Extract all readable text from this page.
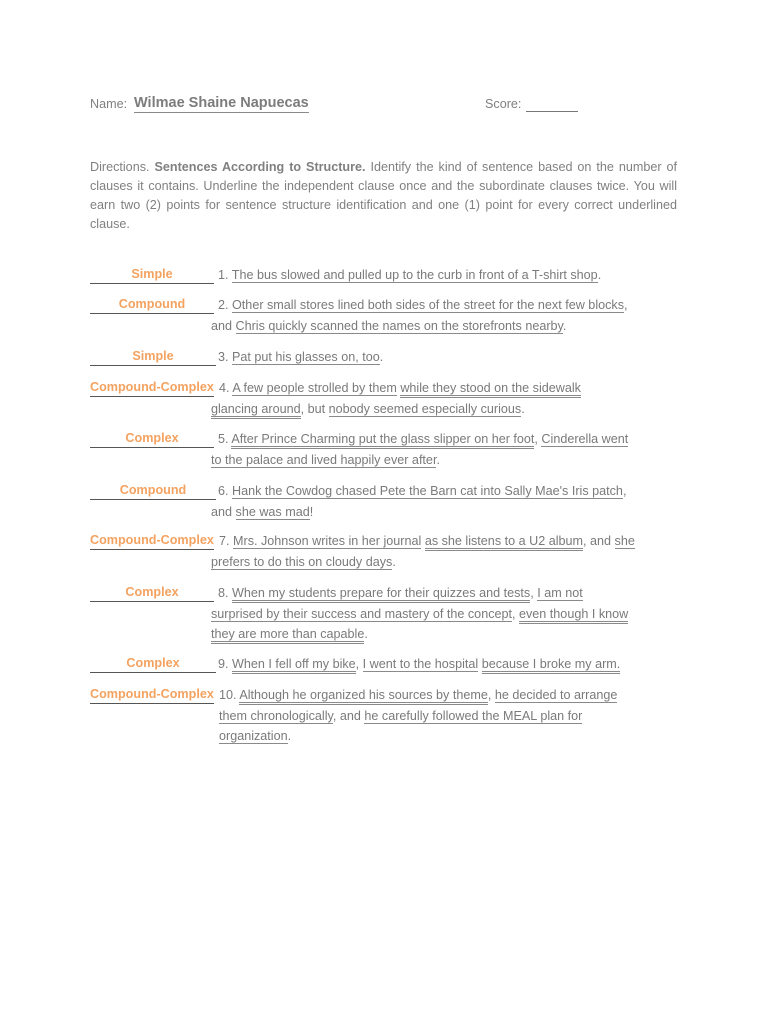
Name: Wilmae Shaine Napuecas	Score:
Directions. Sentences According to Structure. Identify the kind of sentence based on the number of clauses it contains. Underline the independent clause once and the subordinate clauses twice. You will earn two (2) points for sentence structure identification and one (1) point for every correct underlined clause.
Simple	1. The bus slowed and pulled up to the curb in front of a T-shirt shop.
Compound	2. Other small stores lined both sides of the street for the next few blocks,
and Chris quickly scanned the names on the storefronts nearby.
Simple	3. Pat put his glasses on, too.
Compound-Complex 4. A few people strolled by them while they stood on the sidewalk
glancing around, but nobody seemed especially curious.
Complex	5. After Prince Charming put the glass slipper on her foot, Cinderella went
to the palace and lived happily ever after.
Compound	6. Hank the Cowdog chased Pete the Barn cat into Sally Mae's Iris patch,
and she was mad!
Compound-Complex 7. Mrs. Johnson writes in her journal as she listens to a U2 album, and she
prefers to do this on cloudy days.
Complex	8. When my students prepare for their quizzes and tests, I am not
surprised by their success and mastery of the concept, even though I know
they are more than capable.
Complex	9. When I fell off my bike, I went to the hospital because I broke my arm.
Compound-Complex 10. Although he organized his sources by theme, he decided to arrange
them chronologically, and he carefully followed the MEAL plan for
organization.
